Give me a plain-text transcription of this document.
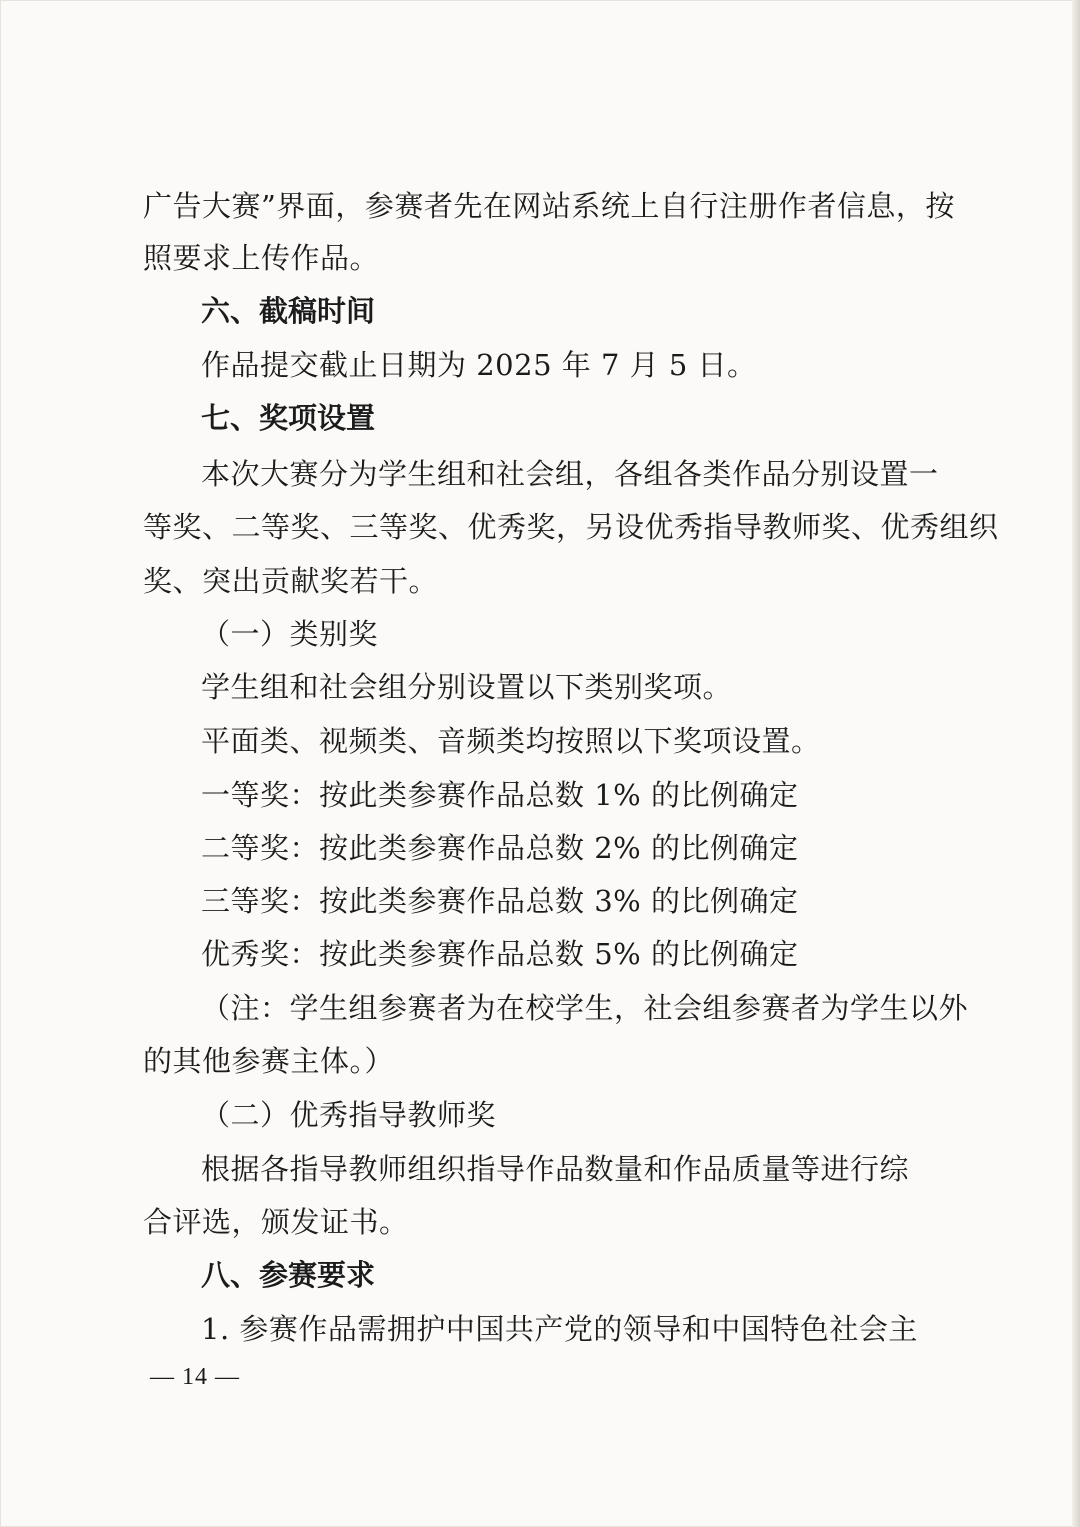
广告大赛”界面，参赛者先在网站系统上自行注册作者信息，按
照要求上传作品。
六、截稿时间
作品提交截止日期为 2025 年 7 月 5 日。
七、奖项设置
本次大赛分为学生组和社会组，各组各类作品分别设置一
等奖、二等奖、三等奖、优秀奖，另设优秀指导教师奖、优秀组织
奖、突出贡献奖若干。
（一）类别奖
学生组和社会组分别设置以下类别奖项。
平面类、视频类、音频类均按照以下奖项设置。
一等奖：按此类参赛作品总数 1% 的比例确定
二等奖：按此类参赛作品总数 2% 的比例确定
三等奖：按此类参赛作品总数 3% 的比例确定
优秀奖：按此类参赛作品总数 5% 的比例确定
（注：学生组参赛者为在校学生，社会组参赛者为学生以外
的其他参赛主体。）
（二）优秀指导教师奖
根据各指导教师组织指导作品数量和作品质量等进行综
合评选，颁发证书。
八、参赛要求
1. 参赛作品需拥护中国共产党的领导和中国特色社会主
— 14 —
